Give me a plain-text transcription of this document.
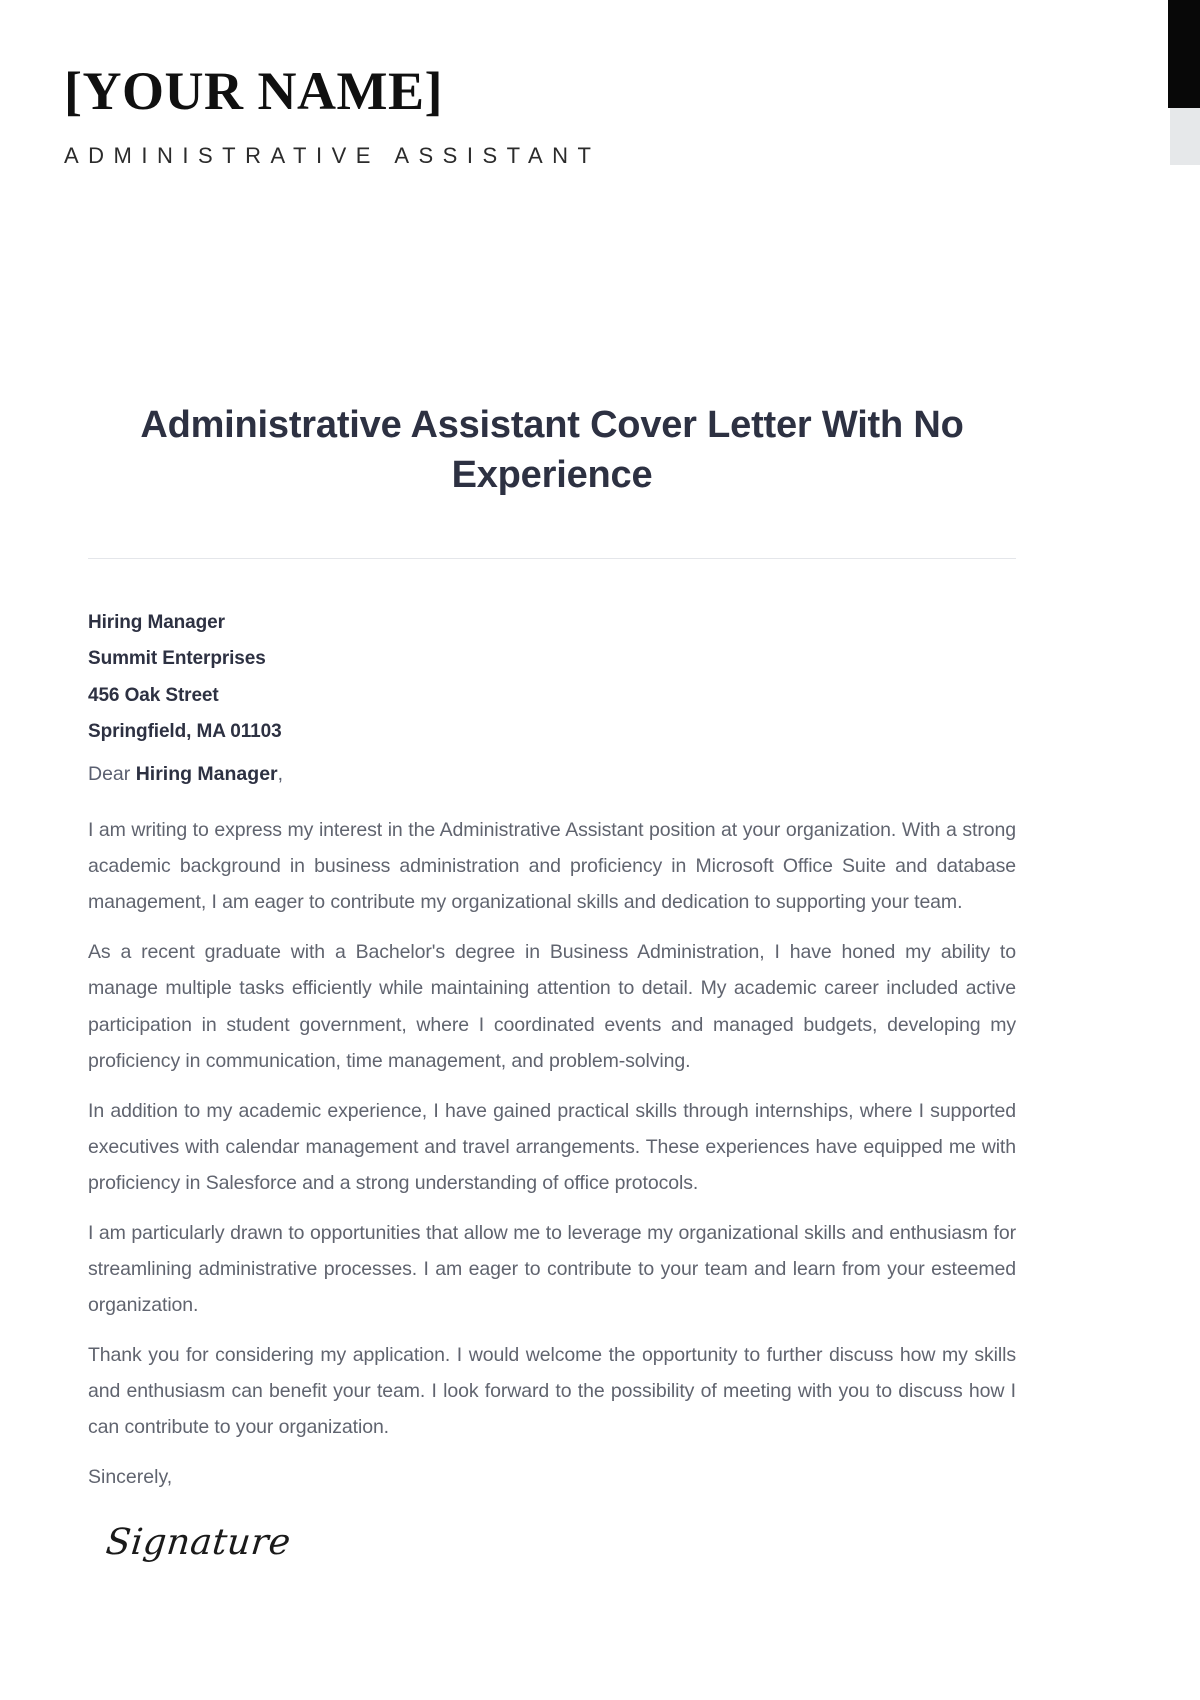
[YOUR NAME]
ADMINISTRATIVE ASSISTANT
Administrative Assistant Cover Letter With No Experience
Hiring Manager
Summit Enterprises
456 Oak Street
Springfield, MA 01103

Dear Hiring Manager,

I am writing to express my interest in the Administrative Assistant position at your organization. With a strong academic background in business administration and proficiency in Microsoft Office Suite and database management, I am eager to contribute my organizational skills and dedication to supporting your team.

As a recent graduate with a Bachelor's degree in Business Administration, I have honed my ability to manage multiple tasks efficiently while maintaining attention to detail. My academic career included active participation in student government, where I coordinated events and managed budgets, developing my proficiency in communication, time management, and problem-solving.

In addition to my academic experience, I have gained practical skills through internships, where I supported executives with calendar management and travel arrangements. These experiences have equipped me with proficiency in Salesforce and a strong understanding of office protocols.

I am particularly drawn to opportunities that allow me to leverage my organizational skills and enthusiasm for streamlining administrative processes. I am eager to contribute to your team and learn from your esteemed organization.

Thank you for considering my application. I would welcome the opportunity to further discuss how my skills and enthusiasm can benefit your team. I look forward to the possibility of meeting with you to discuss how I can contribute to your organization.

Sincerely,

Signature
